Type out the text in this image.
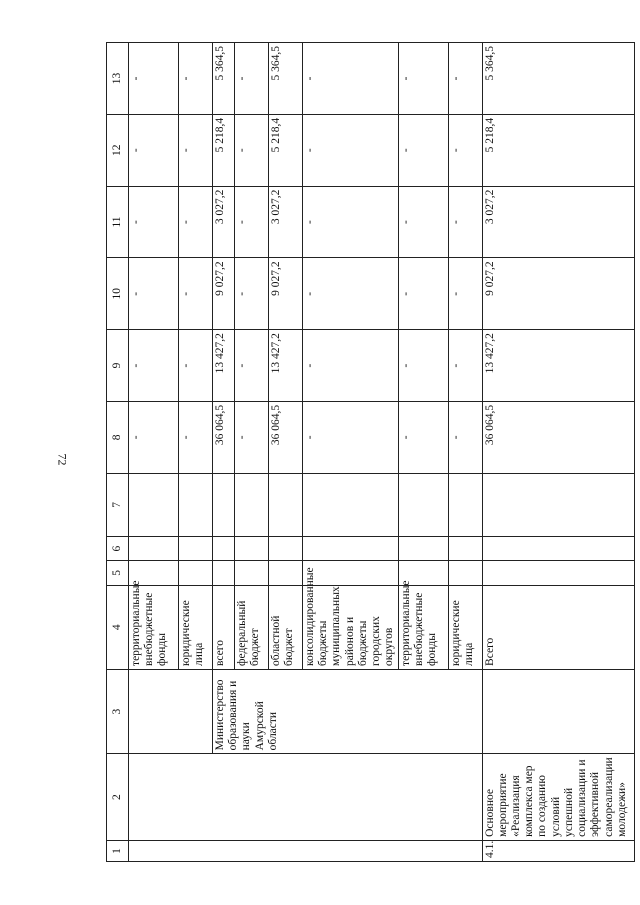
72
1	2	3	4	5	6	7	8	9	10	11	12	13
			территориальные внебюджетные фонды				-	-	-	-	-	-
			юридические лица				-	-	-	-	-	-
		Министерство образования и науки Амурской области	всего				36 064,5	13 427,2	9 027,2	3 027,2	5 218,4	5 364,5
			федеральный бюджет				-	-	-	-	-	-
			областной бюджет				36 064,5	13 427,2	9 027,2	3 027,2	5 218,4	5 364,5
			консолидированные бюджеты муниципальных районов и бюджеты городских округов				-	-	-	-	-	-
			территориальные внебюджетные фонды				-	-	-	-	-	-
			юридические лица				-	-	-	-	-	-
4.1.	Основное мероприятие «Реализация комплекса мер по созданию условий успешной социализации и эффективной самореализации молодежи»		Всего				36 064,5	13 427,2	9 027,2	3 027,2	5 218,4	5 364,5
